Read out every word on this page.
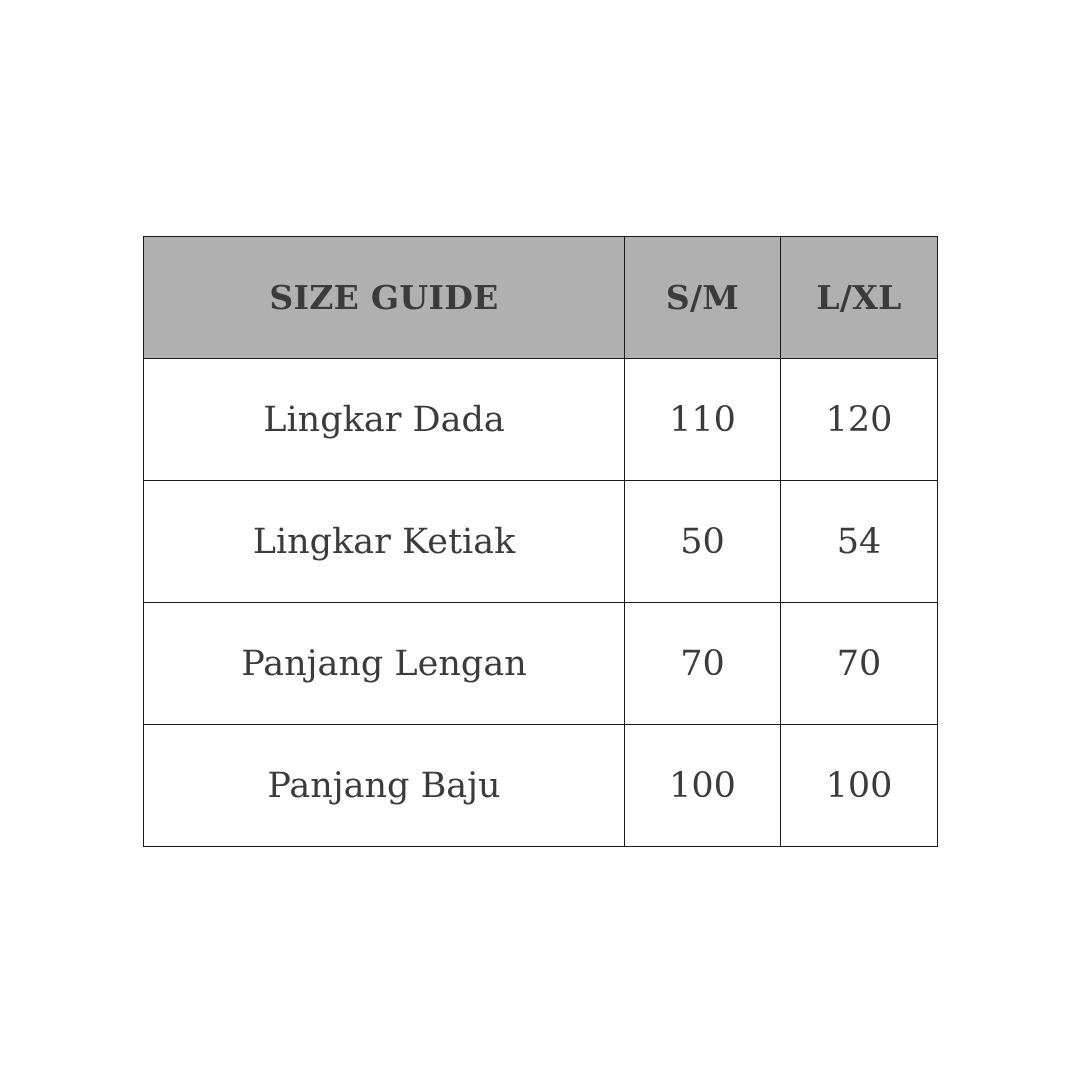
SIZE GUIDE	S/M	L/XL
Lingkar Dada	110	120
Lingkar Ketiak	50	54
Panjang Lengan	70	70
Panjang Baju	100	100
